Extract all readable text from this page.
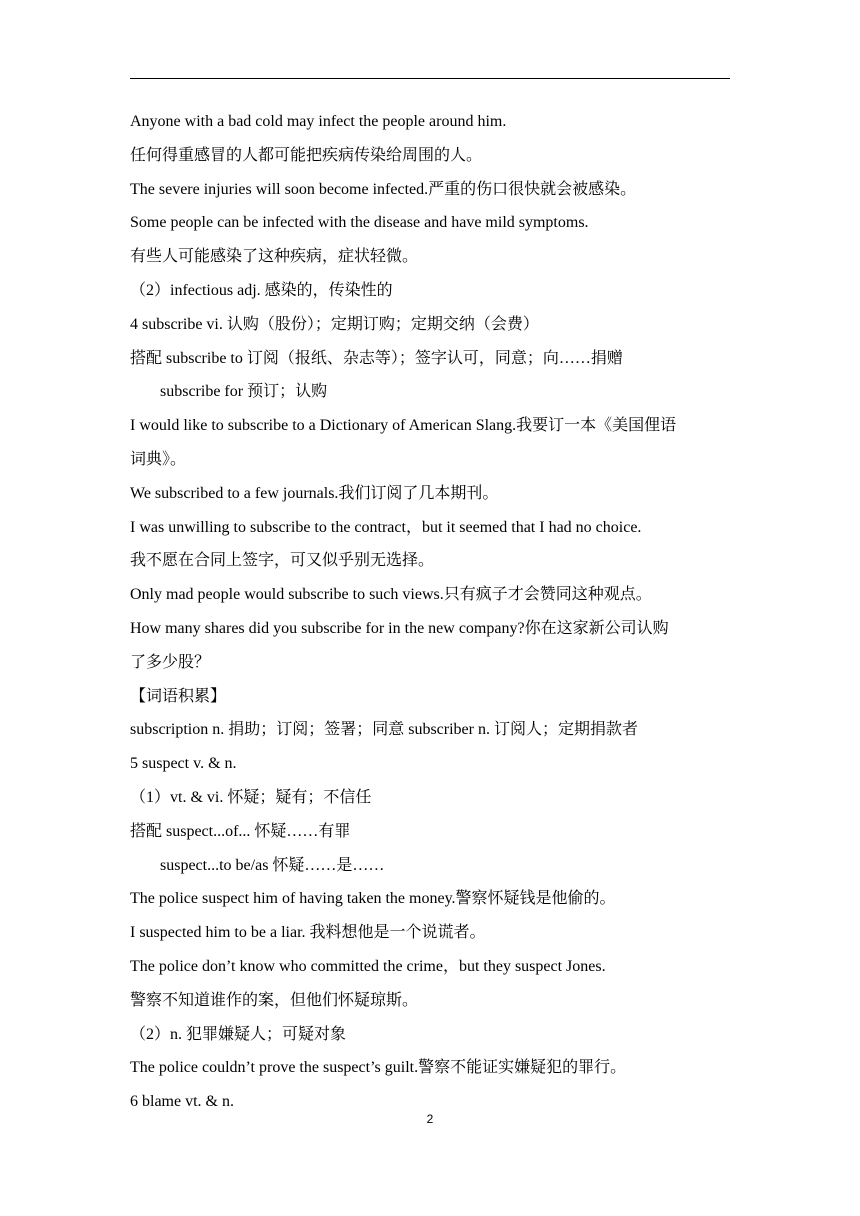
Anyone with a bad cold may infect the people around him.
任何得重感冒的人都可能把疾病传染给周围的人。
The severe injuries will soon become infected.严重的伤口很快就会被感染。
Some people can be infected with the disease and have mild symptoms.
有些人可能感染了这种疾病，症状轻微。
（2）infectious adj. 感染的，传染性的
4 subscribe vi. 认购（股份）；定期订购；定期交纳（会费）
搭配 subscribe to 订阅（报纸、杂志等）；签字认可，同意；向……捐赠
subscribe for 预订；认购
I would like to subscribe to a Dictionary of American Slang.我要订一本《美国俚语
词典》。
We subscribed to a few journals.我们订阅了几本期刊。
I was unwilling to subscribe to the contract，but it seemed that I had no choice.
我不愿在合同上签字，可又似乎别无选择。
Only mad people would subscribe to such views.只有疯子才会赞同这种观点。
How many shares did you subscribe for in the new company?你在这家新公司认购
了多少股？
【词语积累】
subscription n. 捐助；订阅；签署；同意 subscriber n. 订阅人；定期捐款者
5 suspect v. & n.
（1）vt. & vi. 怀疑；疑有；不信任
搭配 suspect...of... 怀疑……有罪
suspect...to be/as 怀疑……是……
The police suspect him of having taken the money.警察怀疑钱是他偷的。
I suspected him to be a liar. 我料想他是一个说谎者。
The police don’t know who committed the crime，but they suspect Jones.
警察不知道谁作的案，但他们怀疑琼斯。
（2）n. 犯罪嫌疑人；可疑对象
The police couldn’t prove the suspect’s guilt.警察不能证实嫌疑犯的罪行。
6 blame vt. & n.
2
